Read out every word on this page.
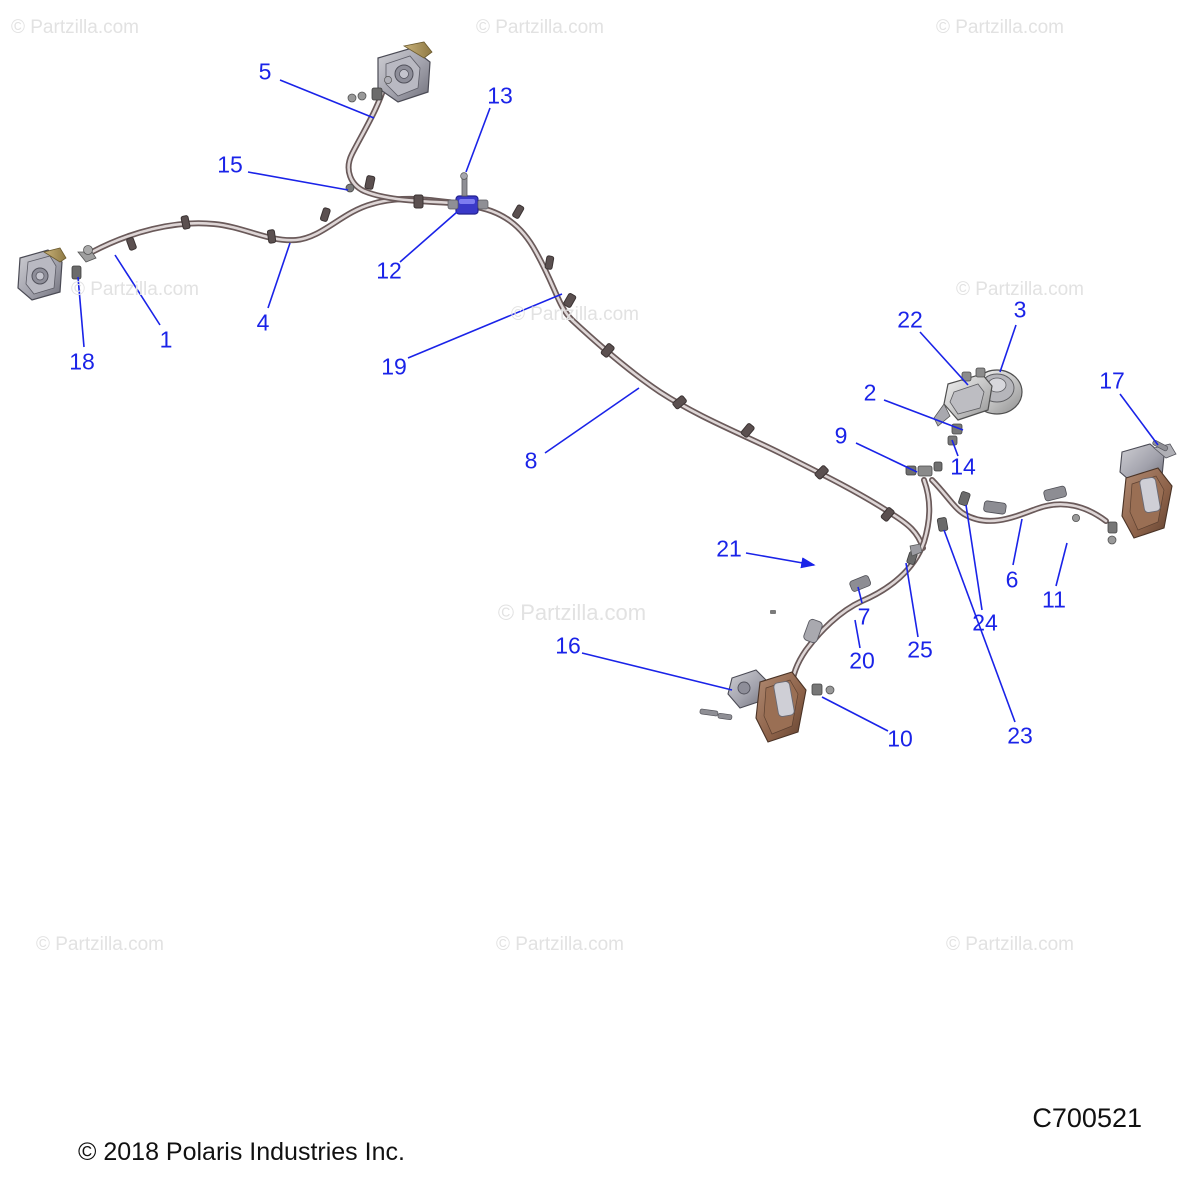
© Partzilla.com	© Partzilla.com	© Partzilla.com
© Partzilla.com
© Partzilla.com
© Partzilla.com
© Partzilla.com
© Partzilla.com	© Partzilla.com	© Partzilla.com
1
2
3
4
5
6
7
8
9
10
11
12
13
14
15
16
17
18	19
20
21
22
23
24
25
© 2018 Polaris Industries Inc.
C700521
